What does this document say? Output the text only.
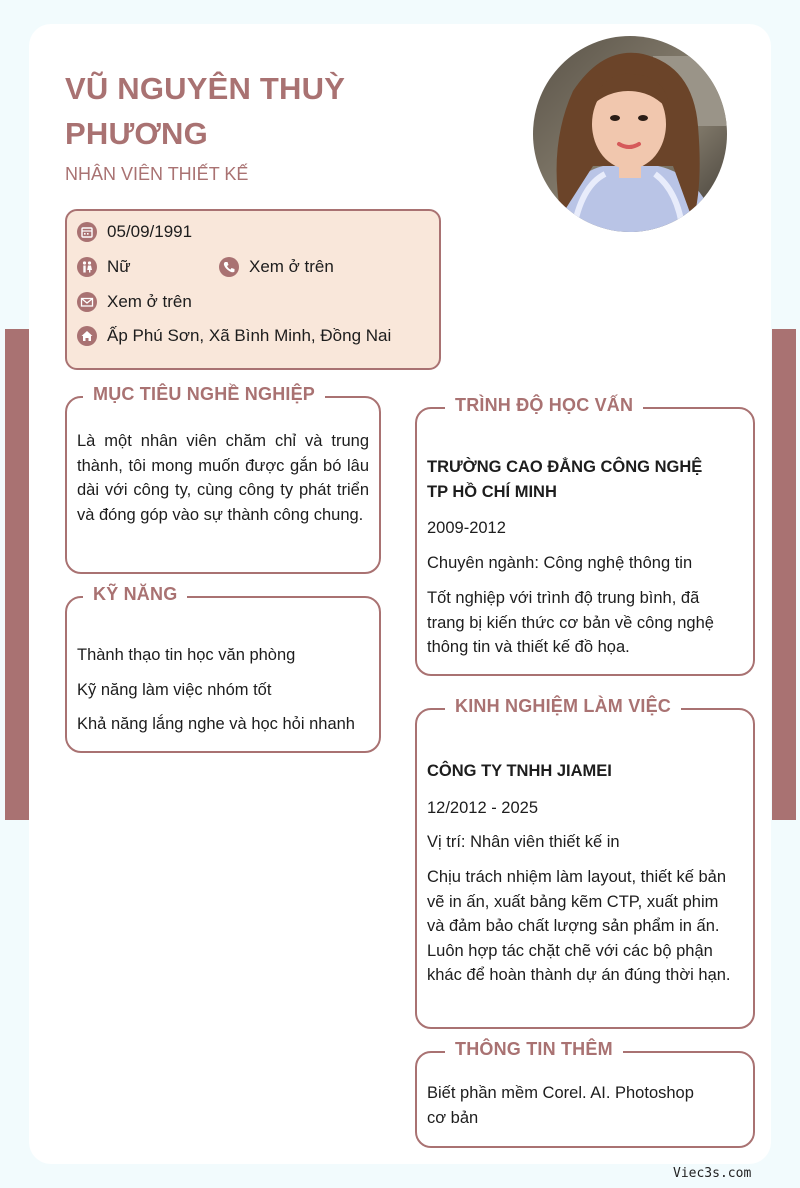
VŨ NGUYÊN THUỲ
PHƯƠNG
NHÂN VIÊN THIẾT KẾ
05/09/1991
Nữ	Xem ở trên
Xem ở trên
Ấp Phú Sơn, Xã Bình Minh, Đồng Nai
MỤC TIÊU NGHỀ NGHIỆP
Là một nhân viên chăm chỉ và trung thành, tôi mong muốn được gắn bó lâu dài với công ty, cùng công ty phát triển và đóng góp vào sự thành công chung.
KỸ NĂNG
Thành thạo tin học văn phòng
Kỹ năng làm việc nhóm tốt
Khả năng lắng nghe và học hỏi nhanh
TRÌNH ĐỘ HỌC VẤN
TRƯỜNG CAO ĐẲNG CÔNG NGHỆ TP HỒ CHÍ MINH
2009-2012
Chuyên ngành: Công nghệ thông tin
Tốt nghiệp với trình độ trung bình, đã trang bị kiến thức cơ bản về công nghệ thông tin và thiết kế đồ họa.
KINH NGHIỆM LÀM VIỆC
CÔNG TY TNHH JIAMEI
12/2012 - 2025
Vị trí: Nhân viên thiết kế in
Chịu trách nhiệm làm layout, thiết kế bản vẽ in ấn, xuất bảng kẽm CTP, xuất phim và đảm bảo chất lượng sản phẩm in ấn. Luôn hợp tác chặt chẽ với các bộ phận khác để hoàn thành dự án đúng thời hạn.
THÔNG TIN THÊM
Biết phần mềm Corel. AI. Photoshop cơ bản
Viec3s.com
